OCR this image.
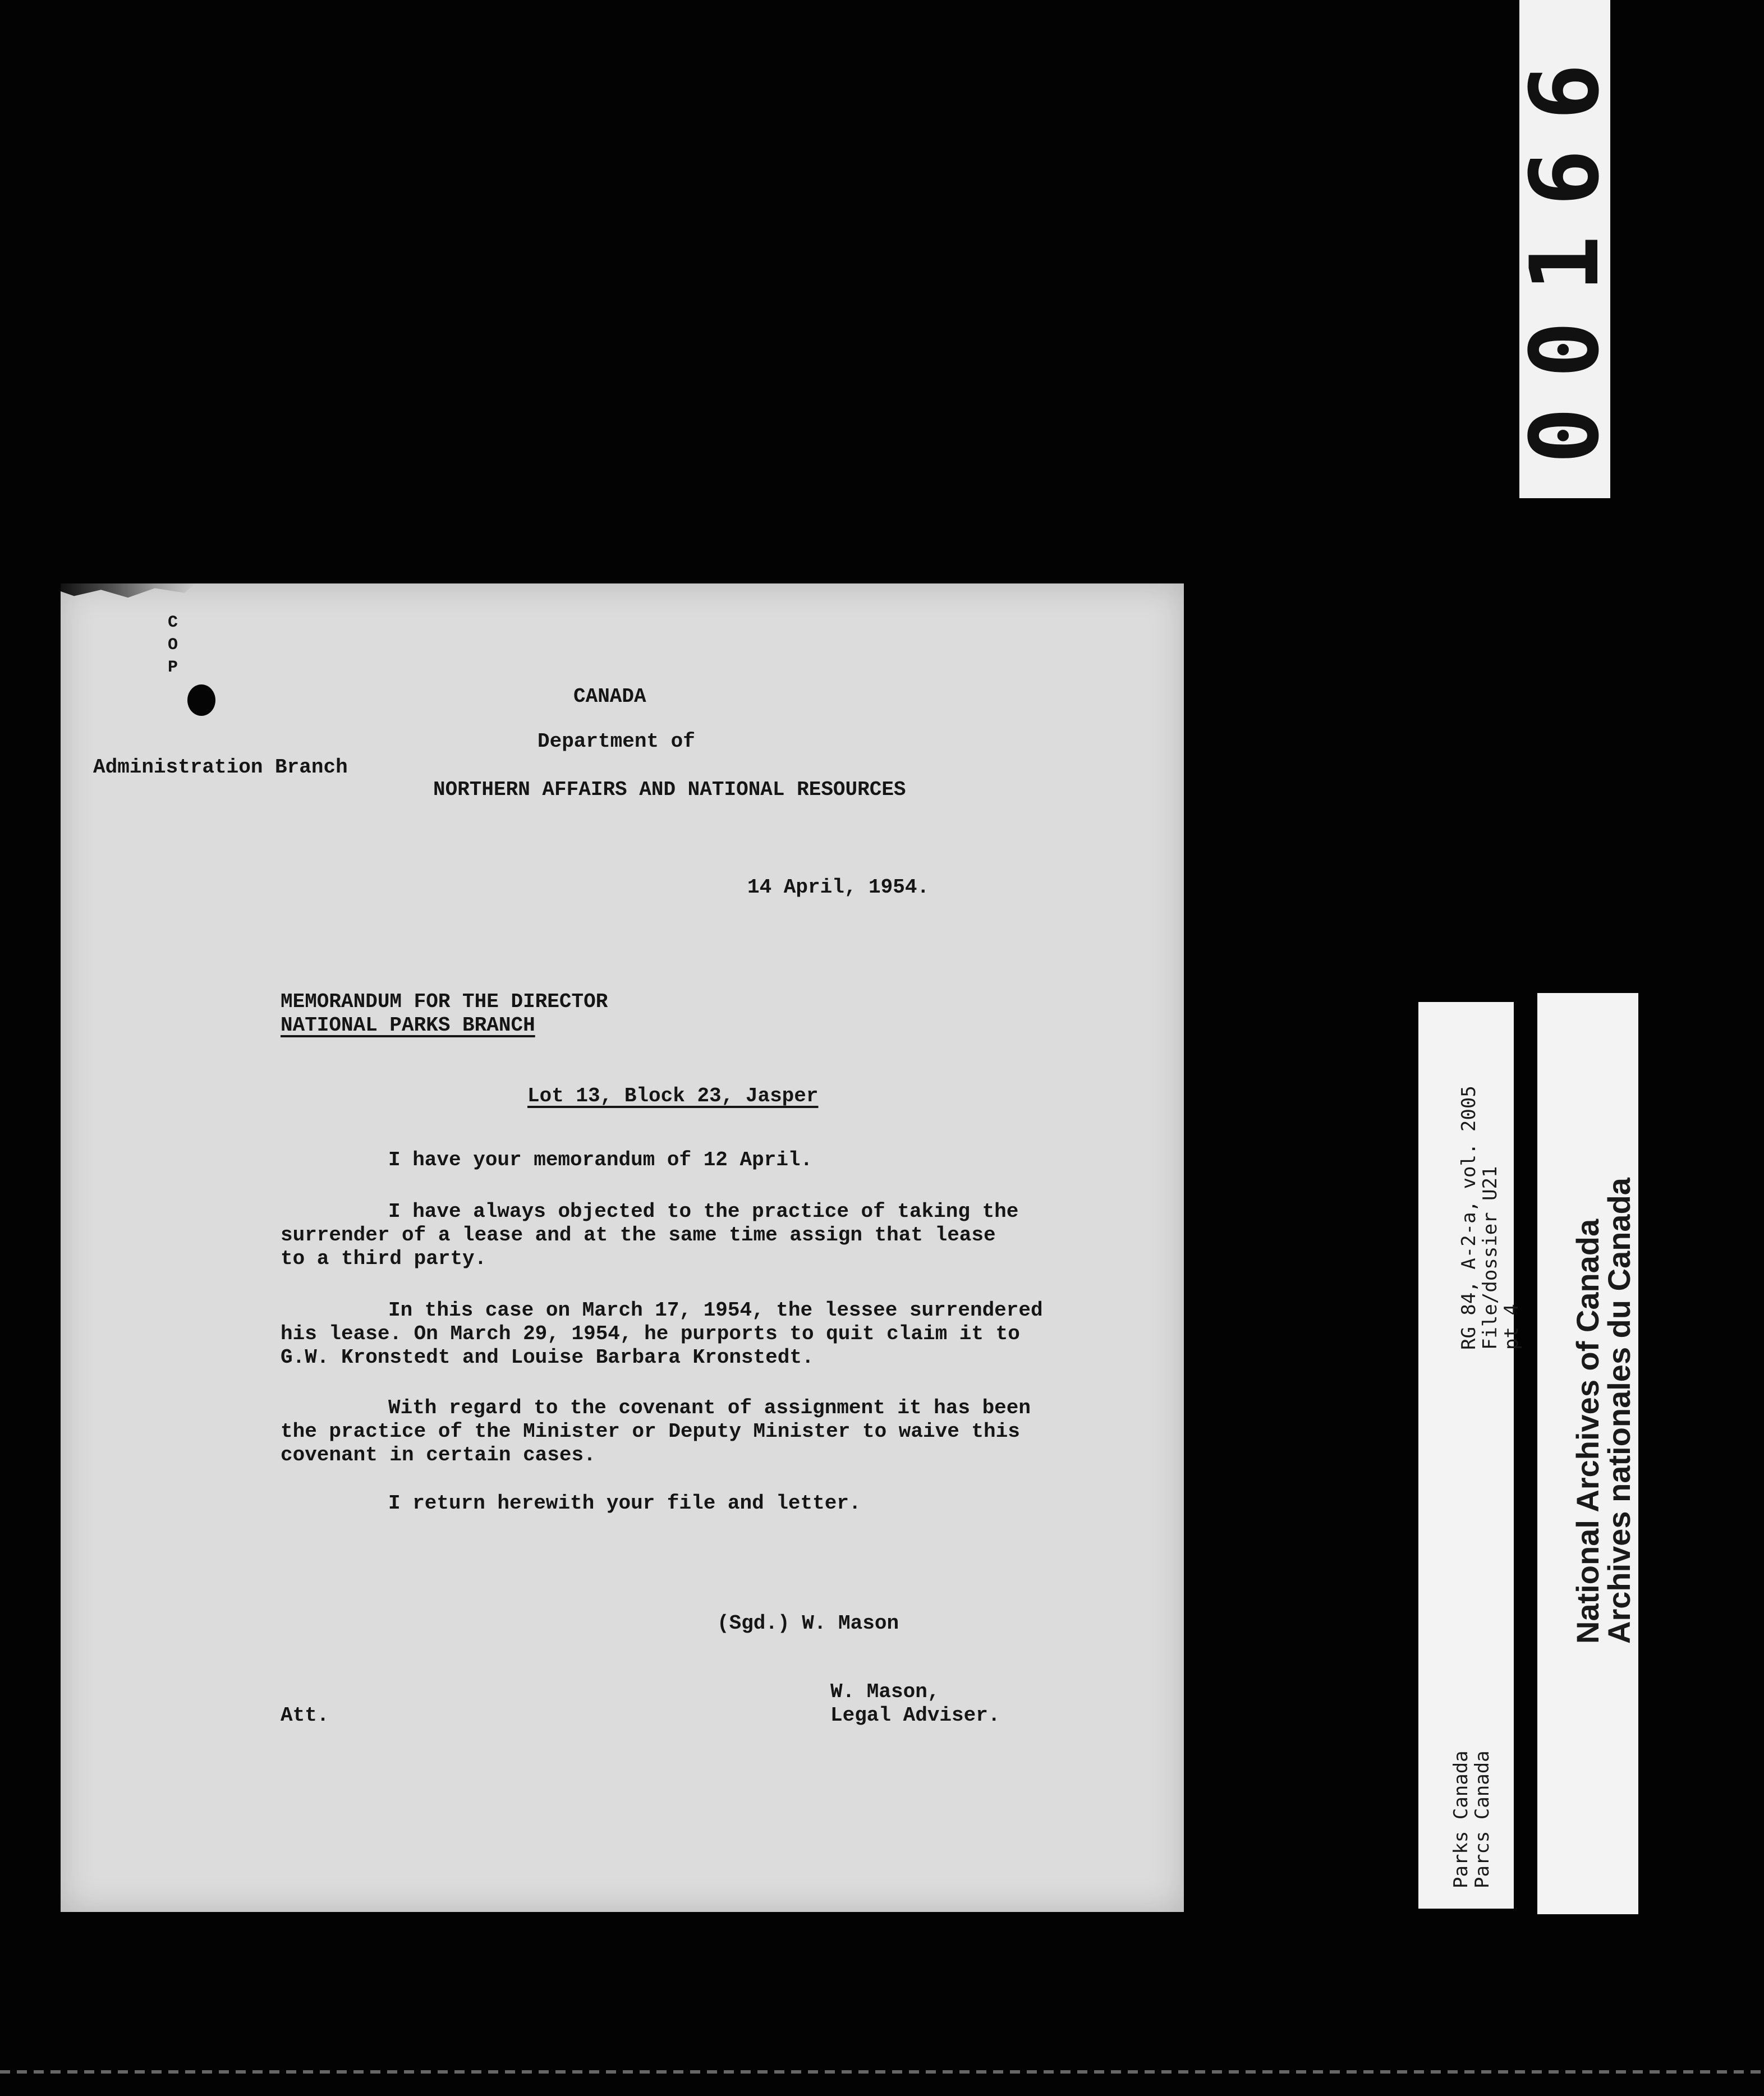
00166
C
O
P
CANADA
Department of
Administration Branch
NORTHERN AFFAIRS AND NATIONAL RESOURCES
14 April, 1954.
MEMORANDUM FOR THE DIRECTOR
NATIONAL PARKS BRANCH
Lot 13, Block 23, Jasper
I have your memorandum of 12 April.
I have always objected to the practice of taking the
surrender of a lease and at the same time assign that lease
to a third party.
In this case on March 17, 1954, the lessee surrendered
his lease. On March 29, 1954, he purports to quit claim it to
G.W. Kronstedt and Louise Barbara Kronstedt.
With regard to the covenant of assignment it has been
the practice of the Minister or Deputy Minister to waive this
covenant in certain cases.
I return herewith your file and letter.
(Sgd.) W. Mason
W. Mason,
Att.	Legal Adviser.
RG 84, A-2-a, vol. 2005
File/dossier U21
pt 4
Parks Canada
Parcs Canada
National Archives of Canada
Archives nationales du Canada
